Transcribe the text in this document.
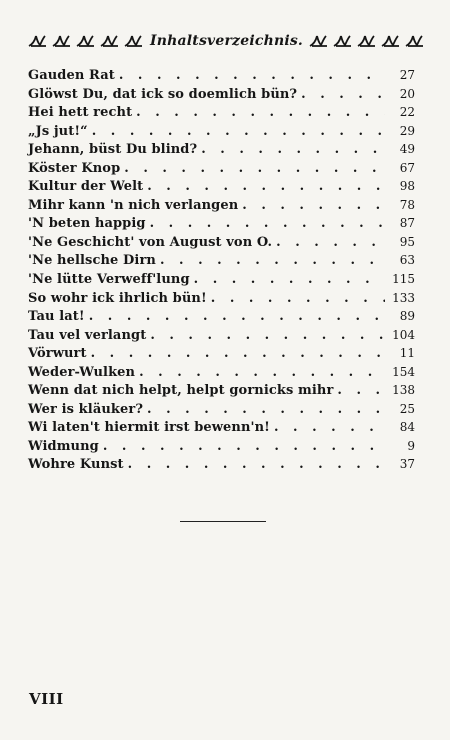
Inhaltsverzeichnis.
Gauden Rat . . .	27
Glöwst Du, dat ick so doemlich bün? . . .	20
Hei hett recht . . .	22
„Js jut!“ . . .	29
Jehann, büst Du blind? . . .	49
Köster Knop . . .	67
Kultur der Welt . . .	98
Mihr kann 'n nich verlangen . . .	78
'N beten happig . . .	87
'Ne Geschicht' von August von O. . . .	95
'Ne hellsche Dirn . . .	63
'Ne lütte Verweff'lung . . .	115
So wohr ick ihrlich bün! . . .	133
Tau lat! . . .	89
Tau vel verlangt . . .	104
Vörwurt . . .	11
Weder-Wulken . . .	154
Wenn dat nich helpt, helpt gornicks mihr . . .	138
Wer is kläuker? . . .	25
Wi laten't hiermit irst bewenn'n! . . .	84
Widmung . . .	9
Wohre Kunst . . .	37
VIII
